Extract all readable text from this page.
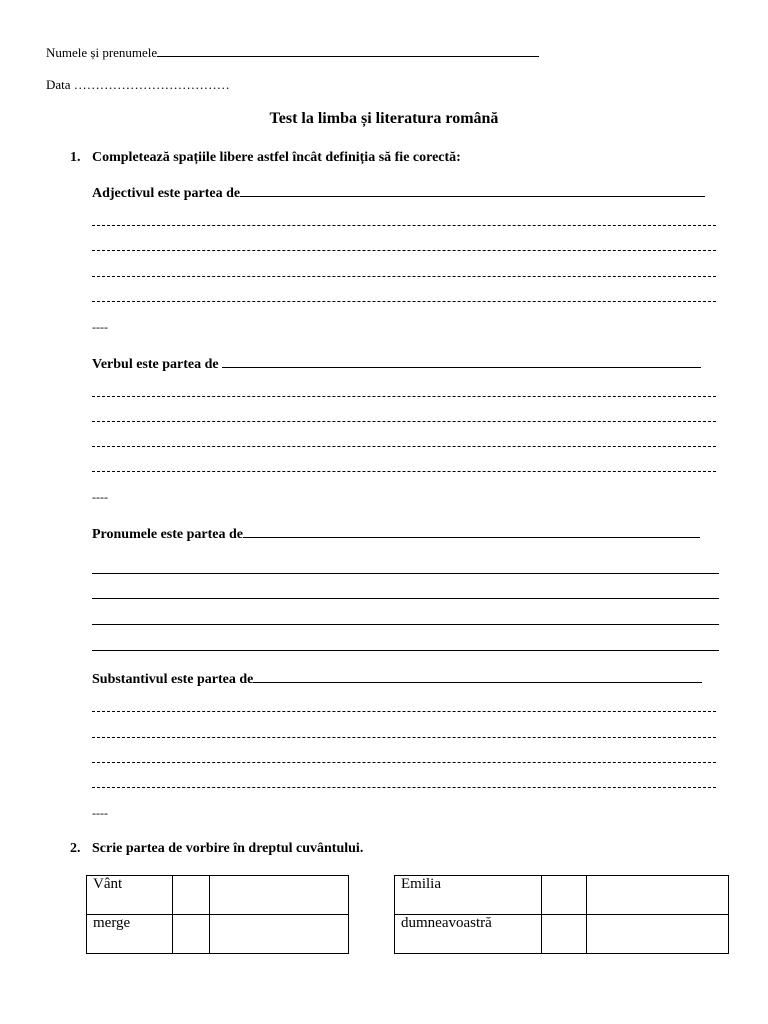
Numele și prenumele
Data ………………………………
Test la limba și literatura română
1. Completează spațiile libere astfel încât definiția să fie corectă:
Adjectivul este partea de
----
Verbul este partea de
----
Pronumele este partea de
Substantivul este partea de
----
2. Scrie partea de vorbire în dreptul cuvântului.
Vânt		
merge		
Emilia		
dumneavoastră		
